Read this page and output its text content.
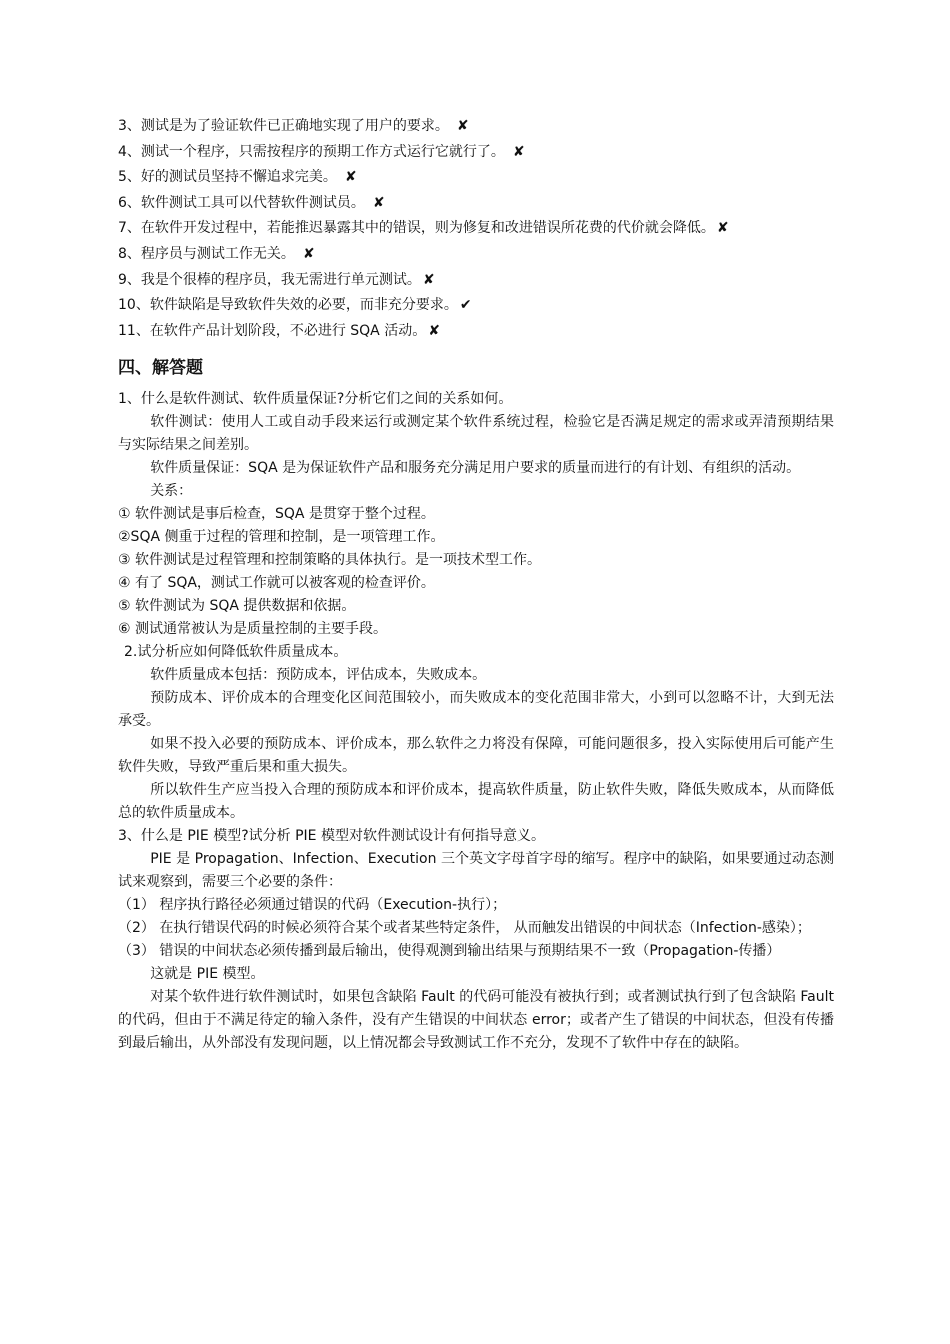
3、测试是为了验证软件已正确地实现了用户的要求。 ✘
4、测试一个程序，只需按程序的预期工作方式运行它就行了。 ✘
5、好的测试员坚持不懈追求完美。 ✘
6、软件测试工具可以代替软件测试员。 ✘
7、在软件开发过程中，若能推迟暴露其中的错误，则为修复和改进错误所花费的代价就会降低。 ✘
8、程序员与测试工作无关。 ✘
9、我是个很棒的程序员，我无需进行单元测试。 ✘
10、软件缺陷是导致软件失效的必要，而非充分要求。 ✔
11、在软件产品计划阶段，不必进行 SQA 活动。 ✘
四、解答题
1、什么是软件测试、软件质量保证?分析它们之间的关系如何。
软件测试：使用人工或自动手段来运行或测定某个软件系统过程，检验它是否满足规定的需求或弄清预期结果与实际结果之间差别。
软件质量保证：SQA 是为保证软件产品和服务充分满足用户要求的质量而进行的有计划、有组织的活动。
关系：
① 软件测试是事后检查，SQA 是贯穿于整个过程。
②SQA 侧重于过程的管理和控制，是一项管理工作。
③ 软件测试是过程管理和控制策略的具体执行。是一项技术型工作。
④ 有了 SQA，测试工作就可以被客观的检查评价。
⑤ 软件测试为 SQA 提供数据和依据。
⑥ 测试通常被认为是质量控制的主要手段。
2.试分析应如何降低软件质量成本。
软件质量成本包括：预防成本，评估成本，失败成本。
预防成本、评价成本的合理变化区间范围较小，而失败成本的变化范围非常大，小到可以忽略不计，大到无法承受。
如果不投入必要的预防成本、评价成本，那么软件之力将没有保障，可能问题很多，投入实际使用后可能产生软件失败，导致严重后果和重大损失。
所以软件生产应当投入合理的预防成本和评价成本，提高软件质量，防止软件失败，降低失败成本，从而降低总的软件质量成本。
3、什么是 PIE 模型?试分析 PIE 模型对软件测试设计有何指导意义。
PIE 是 Propagation、Infection、Execution 三个英文字母首字母的缩写。程序中的缺陷，如果要通过动态测试来观察到，需要三个必要的条件：
（1） 程序执行路径必须通过错误的代码（Execution-执行）；
（2） 在执行错误代码的时候必须符合某个或者某些特定条件， 从而触发出错误的中间状态（Infection-感染）；
（3） 错误的中间状态必须传播到最后输出，使得观测到输出结果与预期结果不一致（Propagation-传播）
这就是 PIE 模型。
对某个软件进行软件测试时，如果包含缺陷 Fault 的代码可能没有被执行到；或者测试执行到了包含缺陷 Fault 的代码，但由于不满足待定的输入条件，没有产生错误的中间状态 error；或者产生了错误的中间状态，但没有传播到最后输出，从外部没有发现问题，以上情况都会导致测试工作不充分，发现不了软件中存在的缺陷。
